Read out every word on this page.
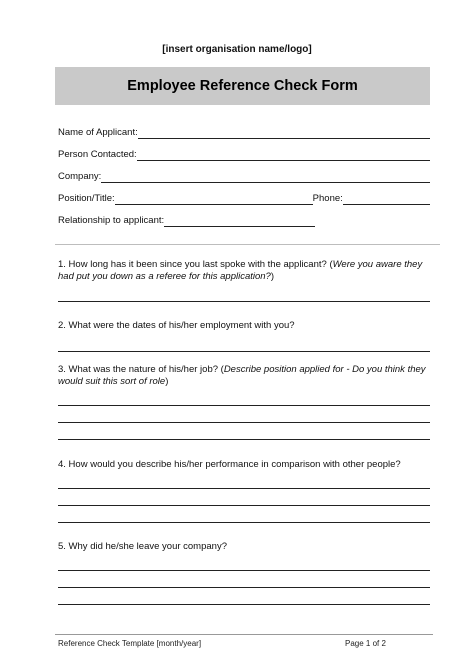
[insert organisation name/logo]
Employee Reference Check Form
Name of Applicant:
Person Contacted:
Company:
Position/Title:	Phone:
Relationship to applicant:
1. How long has it been since you last spoke with the applicant? (Were you aware they had put you down as a referee for this application?)
2. What were the dates of his/her employment with you?
3. What was the nature of his/her job? (Describe position applied for - Do you think they would suit this sort of role)
4. How would you describe his/her performance in comparison with other people?
5. Why did he/she leave your company?
Reference Check Template [month/year]	Page 1 of 2
